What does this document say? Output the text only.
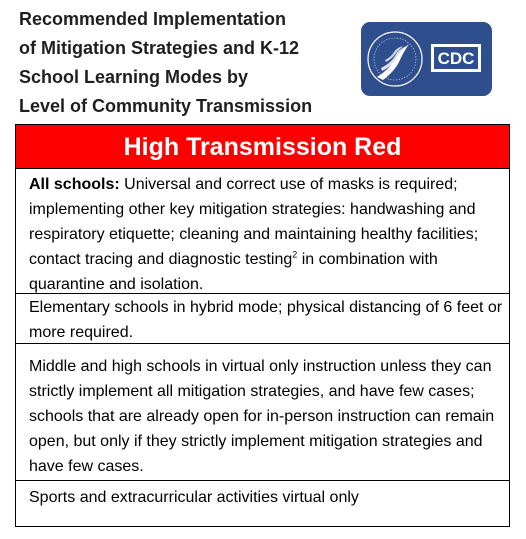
Recommended Implementation
of Mitigation Strategies and K-12
School Learning Modes by
Level of Community Transmission
CDC
High Transmission Red
All schools: Universal and correct use of masks is required; implementing other key mitigation strategies: handwashing and respiratory etiquette; cleaning and maintaining healthy facilities; contact tracing and diagnostic testing$^2$ in combination with quarantine and isolation.
Elementary schools in hybrid mode; physical distancing of 6 feet or more required.
Middle and high schools in virtual only instruction unless they can strictly implement all mitigation strategies, and have few cases; schools that are already open for in-person instruction can remain open, but only if they strictly implement mitigation strategies and have few cases.
Sports and extracurricular activities virtual only
